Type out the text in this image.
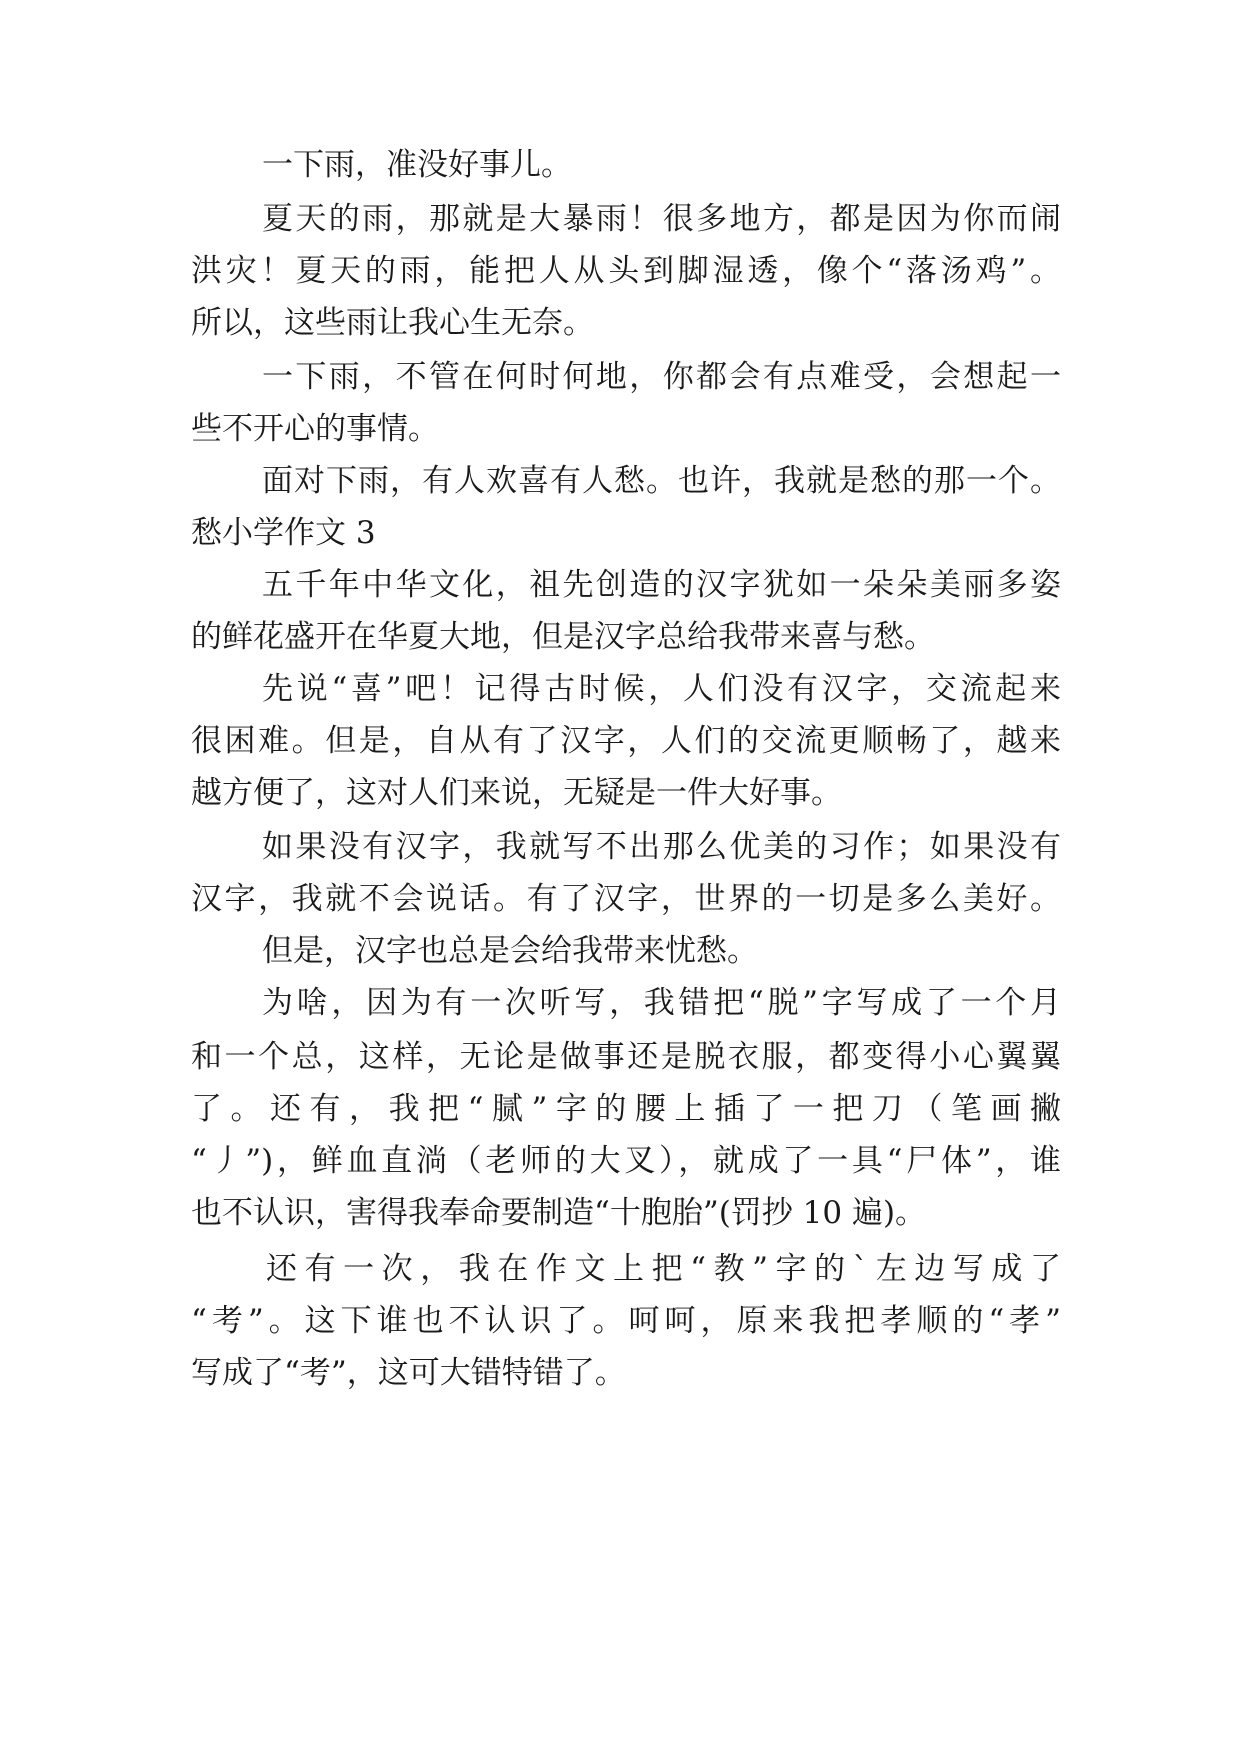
一下雨，准没好事儿。
夏天的雨，那就是大暴雨！很多地方，都是因为你而闹
洪灾！夏天的雨，能把人从头到脚湿透，像个“落汤鸡”。
所以，这些雨让我心生无奈。
一下雨，不管在何时何地，你都会有点难受，会想起一
些不开心的事情。
面对下雨，有人欢喜有人愁。也许，我就是愁的那一个。
愁小学作文 3
五千年中华文化，祖先创造的汉字犹如一朵朵美丽多姿
的鲜花盛开在华夏大地，但是汉字总给我带来喜与愁。
先说“喜”吧！记得古时候，人们没有汉字，交流起来
很困难。但是，自从有了汉字，人们的交流更顺畅了，越来
越方便了，这对人们来说，无疑是一件大好事。
如果没有汉字，我就写不出那么优美的习作；如果没有
汉字，我就不会说话。有了汉字，世界的一切是多么美好。
但是，汉字也总是会给我带来忧愁。
为啥，因为有一次听写，我错把“脱”字写成了一个月
和一个总，这样，无论是做事还是脱衣服，都变得小心翼翼
了。还有，我把“腻”字的腰上插了一把刀（笔画撇
“丿”)，鲜血直淌（老师的大叉），就成了一具“尸体”，谁
也不认识，害得我奉命要制造“十胞胎”(罚抄 10 遍)。
还有一次，我在作文上把“教”字的`左边写成了
“考”。这下谁也不认识了。呵呵，原来我把孝顺的“孝”
写成了“考”，这可大错特错了。
